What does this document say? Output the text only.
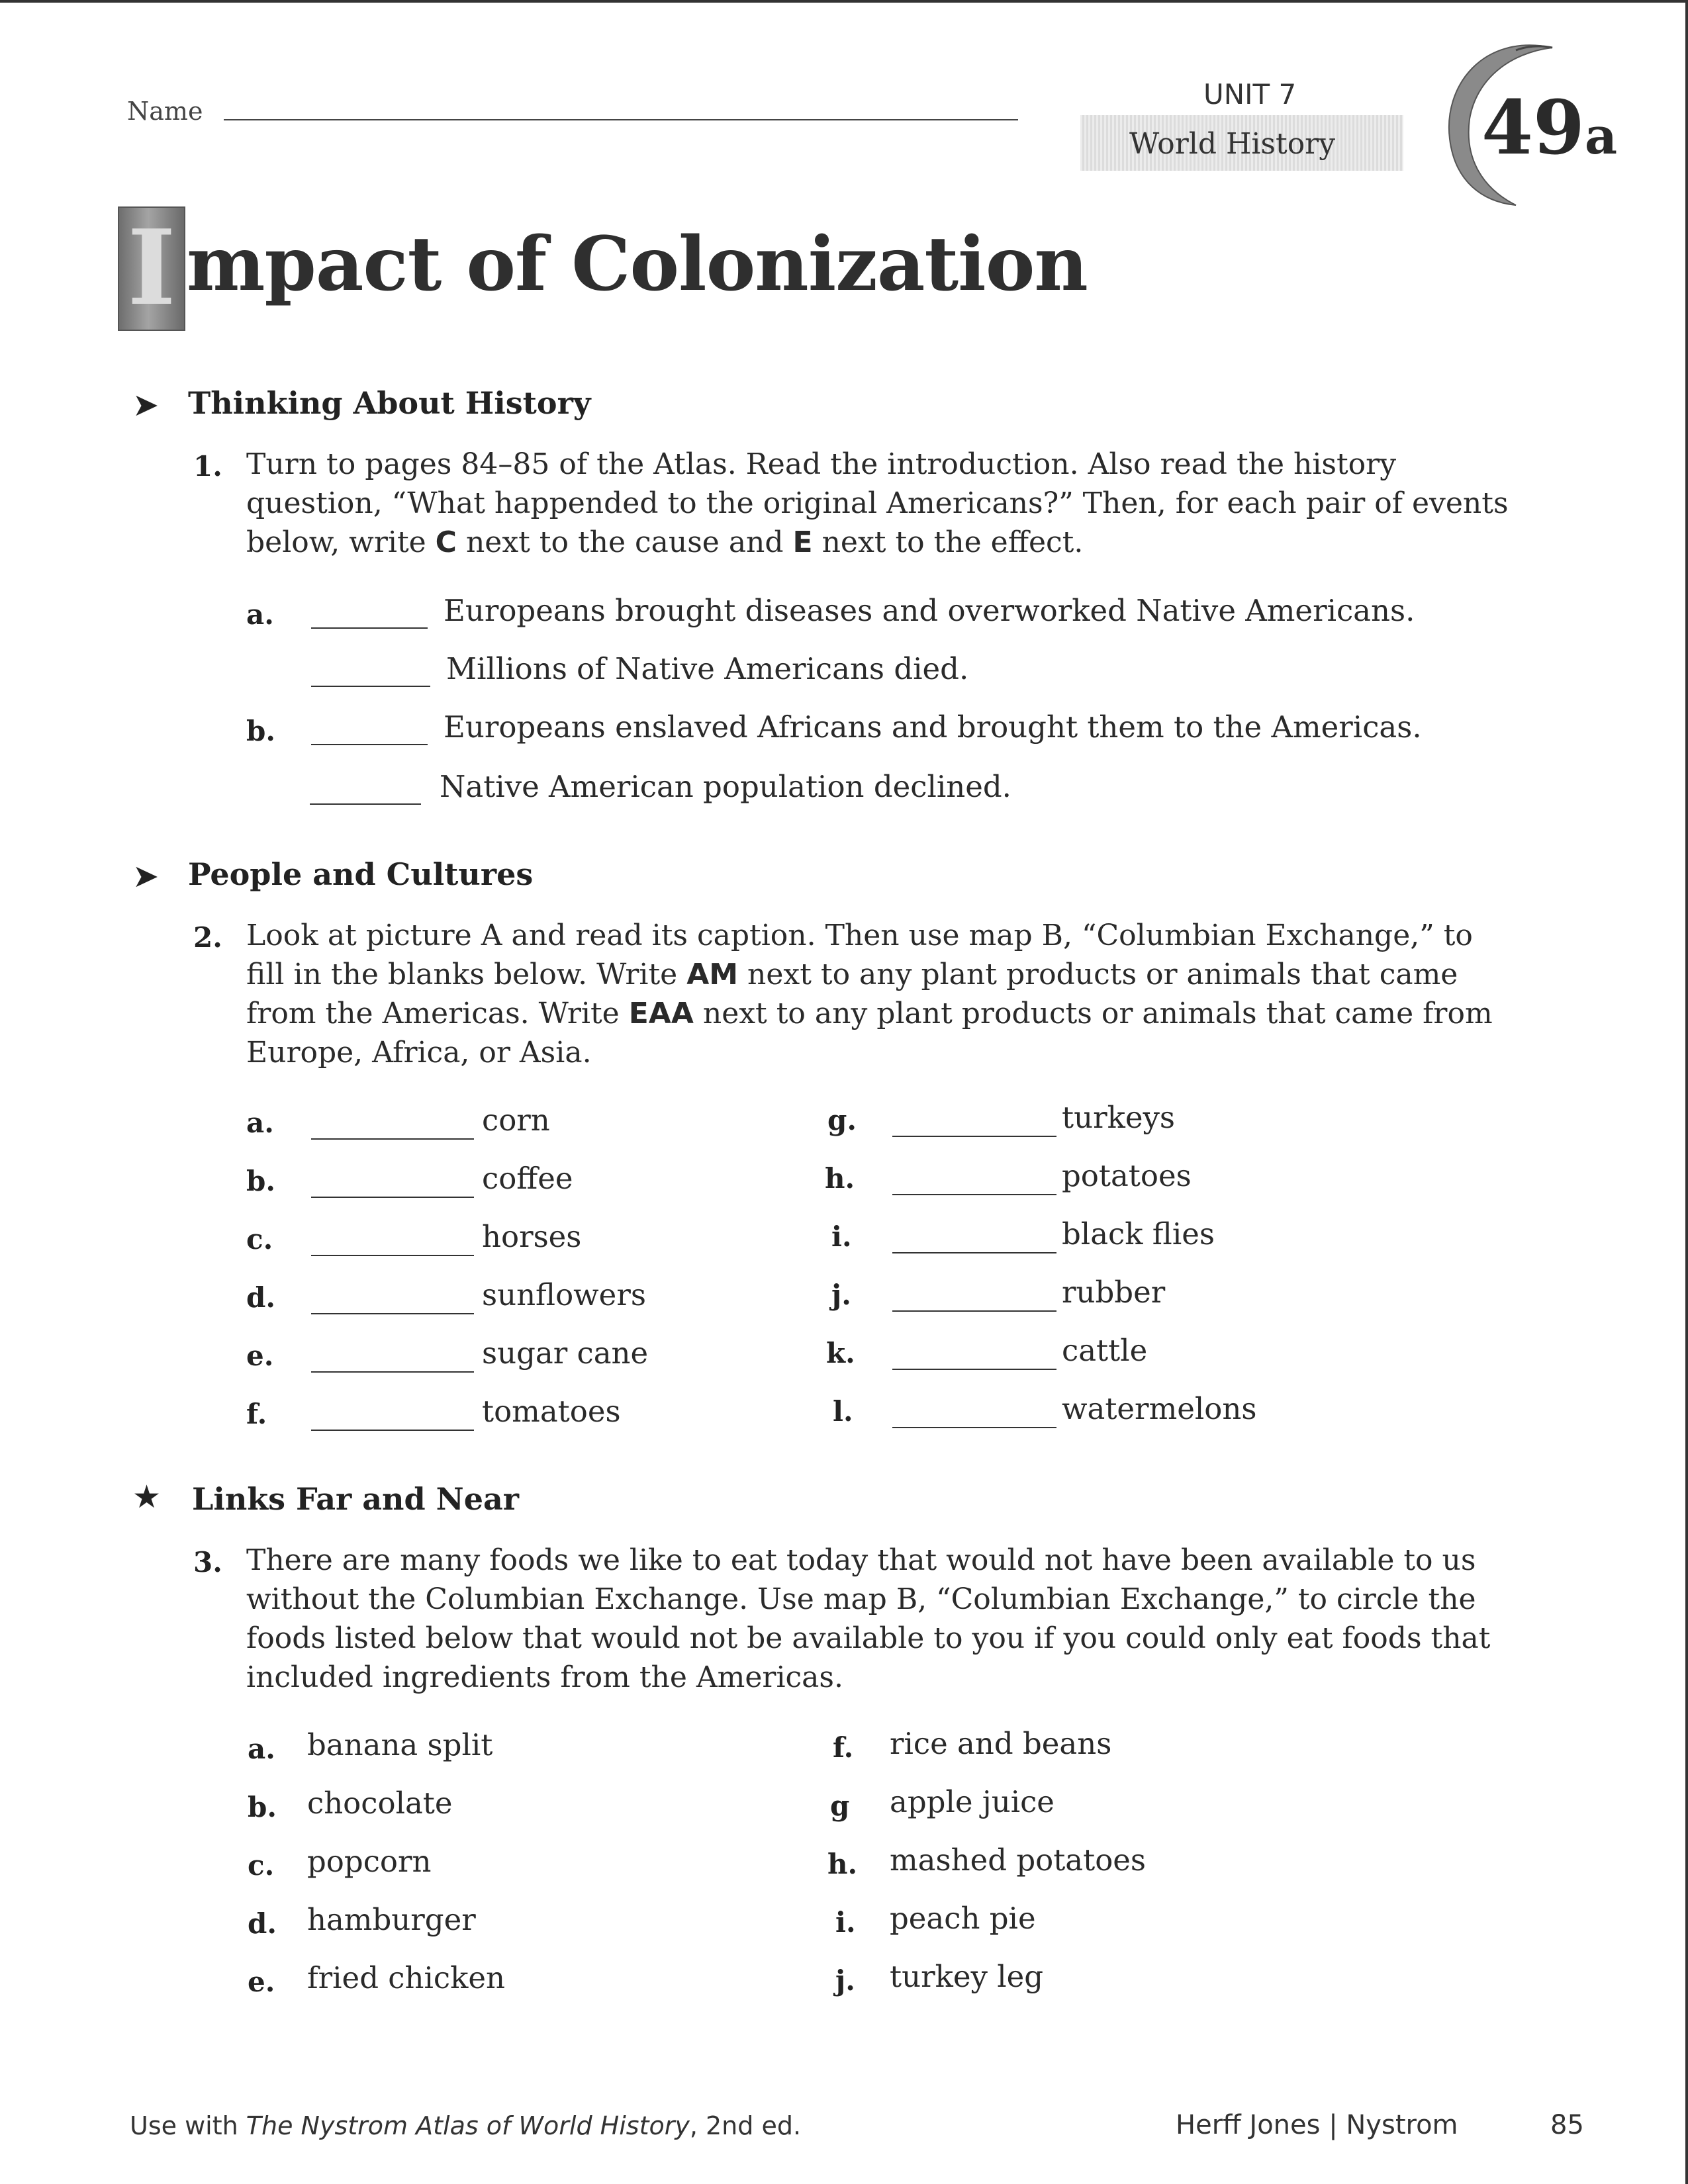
Name
UNIT 7
World History 49a
I mpact of Colonization
➤ Thinking About History
1. Turn to pages 84–85 of the Atlas. Read the introduction. Also read the history
question, “What happended to the original Americans?” Then, for each pair of events
below, write C next to the cause and E next to the effect.
a.	Europeans brought diseases and overworked Native Americans.
Millions of Native Americans died.
b.	Europeans enslaved Africans and brought them to the Americas.
Native American population declined.
➤ People and Cultures
2. Look at picture A and read its caption. Then use map B, “Columbian Exchange,” to
fill in the blanks below. Write AM next to any plant products or animals that came
from the Americas. Write EAA next to any plant products or animals that came from
Europe, Africa, or Asia.
a.	corn
b.	coffee
c.	horses
d.	sunflowers
e.	sugar cane
f.	tomatoes
g.	turkeys
h.	potatoes
i.	black flies
j.	rubber
k.	cattle
l.	watermelons
★ Links Far and Near
3. There are many foods we like to eat today that would not have been available to us
without the Columbian Exchange. Use map B, “Columbian Exchange,” to circle the
foods listed below that would not be available to you if you could only eat foods that
included ingredients from the Americas.
a. banana split
b. chocolate
c. popcorn
d. hamburger
e. fried chicken
f. rice and beans
g apple juice
h. mashed potatoes
i. peach pie
j. turkey leg
Use with The Nystrom Atlas of World History, 2nd ed.	Herff Jones | Nystrom	85
